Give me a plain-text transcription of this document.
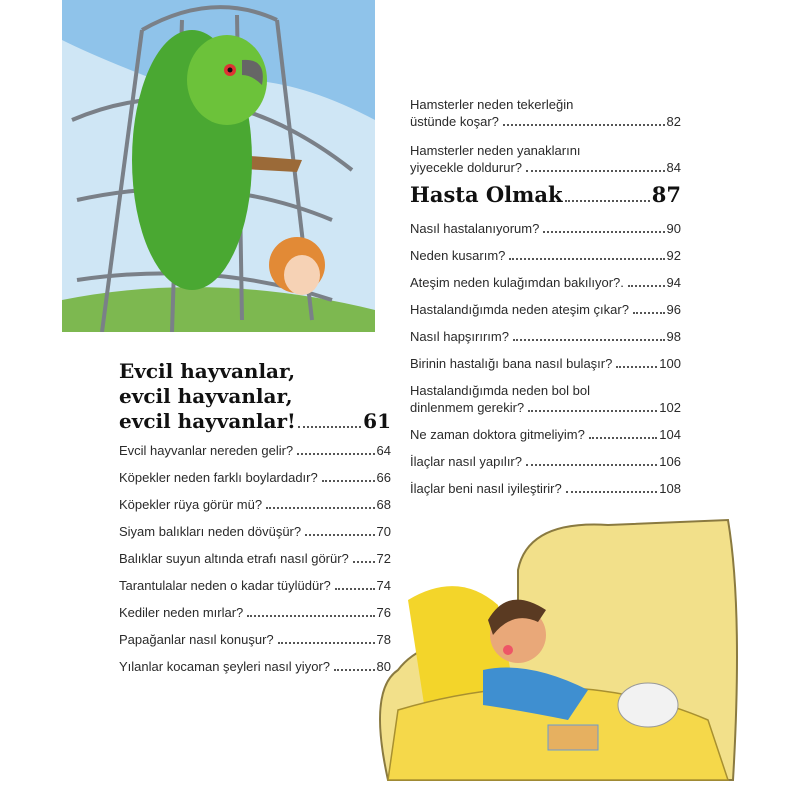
Evcil hayvanlar,
evcil hayvanlar,
evcil hayvanlar!	61
Evcil hayvanlar nereden gelir?	64
Köpekler neden farklı boylardadır?	66
Köpekler rüya görür mü?	68
Siyam balıkları neden dövüşür?	70
Balıklar suyun altında etrafı nasıl görür? 72
Tarantulalar neden o kadar tüylüdür?	74
Kediler neden mırlar?	76
Papağanlar nasıl konuşur?	78
Yılanlar kocaman şeyleri nasıl yiyor?	80
Hamsterler neden tekerleğin
üstünde koşar?	82
Hamsterler neden yanaklarını
yiyecekle doldurur?	84
Nasıl hastalanıyorum?	90
Neden kusarım?	92
Ateşim neden kulağımdan bakılıyor?.	94
Hastalandığımda neden ateşim çıkar?	96
Nasıl hapşırırım?	98
Birinin hastalığı bana nasıl bulaşır?	100
Hastalandığımda neden bol bol
dinlenmem gerekir?	102
Ne zaman doktora gitmeliyim?	104
İlaçlar nasıl yapılır?	106
İlaçlar beni nasıl iyileştirir?	108
Hasta Olmak	87
